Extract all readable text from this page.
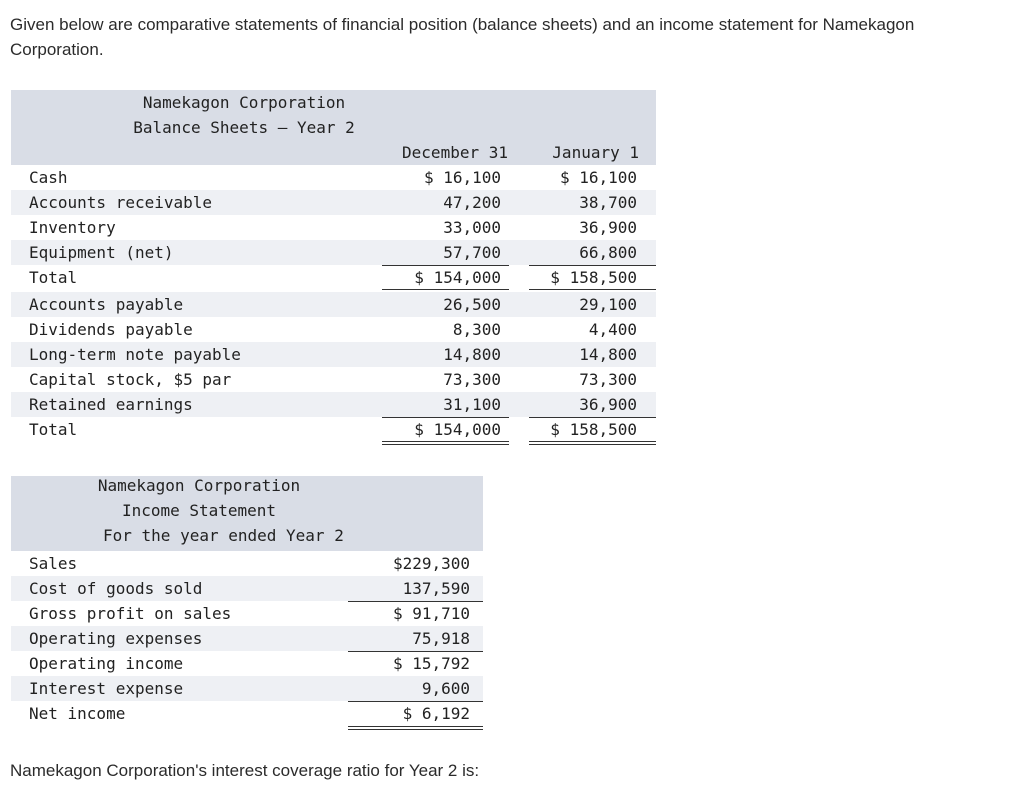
Given below are comparative statements of financial position (balance sheets) and an income statement for Namekagon Corporation.
Namekagon Corporation
Balance Sheets — Year 2
December 31	January 1
Cash	$ 16,100	$ 16,100
Accounts receivable	47,200	38,700
Inventory	33,000	36,900
Equipment (net)	57,700	66,800
Total	$ 154,000	$ 158,500
Accounts payable	26,500	29,100
Dividends payable	8,300	4,400
Long-term note payable	14,800	14,800
Capital stock, $5 par	73,300	73,300
Retained earnings	31,100	36,900
Total	$ 154,000	$ 158,500
Namekagon Corporation
Income Statement
For the year ended Year 2
Sales	$229,300
Cost of goods sold	137,590
Gross profit on sales	$ 91,710
Operating expenses	75,918
Operating income	$ 15,792
Interest expense	9,600
Net income	$ 6,192
Namekagon Corporation's interest coverage ratio for Year 2 is:
